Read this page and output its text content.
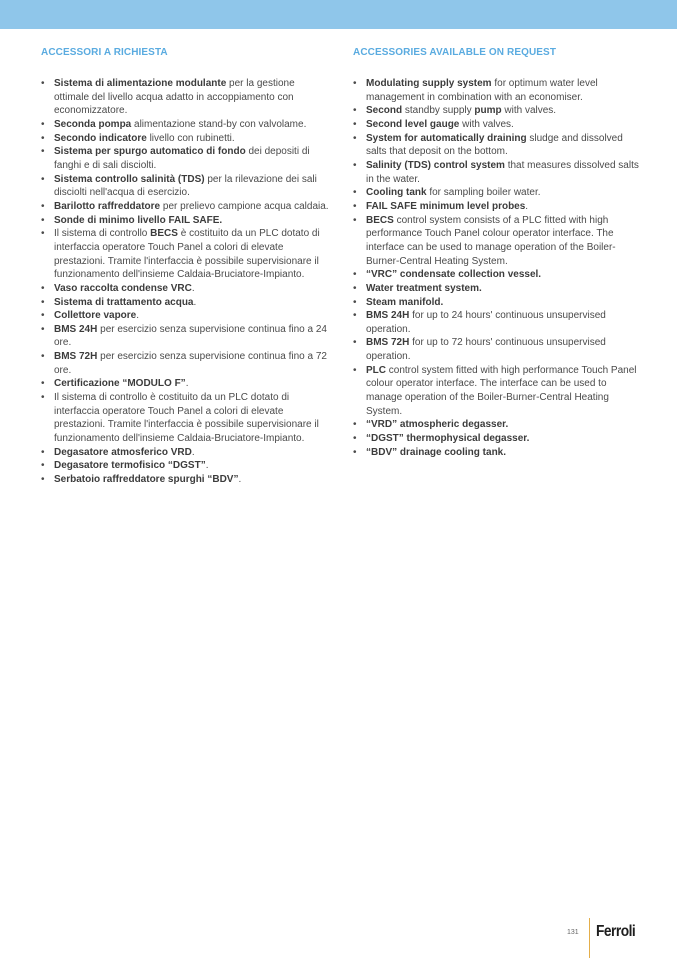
ACCESSORI A RICHIESTA
• Sistema di alimentazione modulante per la gestione ottimale del livello acqua adatto in accoppiamento con economizzatore.
• Seconda pompa alimentazione stand-by con valvolame.
• Secondo indicatore livello con rubinetti.
• Sistema per spurgo automatico di fondo dei depositi di fanghi e di sali disciolti.
• Sistema controllo salinità (TDS) per la rilevazione dei sali disciolti nell'acqua di esercizio.
• Barilotto raffreddatore per prelievo campione acqua caldaia.
• Sonde di minimo livello FAIL SAFE.
• Il sistema di controllo BECS è costituito da un PLC dotato di interfaccia operatore Touch Panel a colori di elevate prestazioni. Tramite l'interfaccia è possibile supervisionare il funzionamento dell'insieme Caldaia-Bruciatore-Impianto.
• Vaso raccolta condense VRC.
• Sistema di trattamento acqua.
• Collettore vapore.
• BMS 24H per esercizio senza supervisione continua fino a 24 ore.
• BMS 72H per esercizio senza supervisione continua fino a 72 ore.
• Certificazione “MODULO F”.
• Il sistema di controllo è costituito da un PLC dotato di interfaccia operatore Touch Panel a colori di elevate prestazioni. Tramite l'interfaccia è possibile supervisionare il funzionamento dell'insieme Caldaia-Bruciatore-Impianto.
• Degasatore atmosferico VRD.
• Degasatore termofisico “DGST”.
• Serbatoio raffreddatore spurghi “BDV”.
ACCESSORIES AVAILABLE ON REQUEST
• Modulating supply system for optimum water level management in combination with an economiser.
• Second standby supply pump with valves.
• Second level gauge with valves.
• System for automatically draining sludge and dissolved salts that deposit on the bottom.
• Salinity (TDS) control system that measures dissolved salts
in the water.
• Cooling tank for sampling boiler water.
• FAIL SAFE minimum level probes.
• BECS control system consists of a PLC fitted with high performance Touch Panel colour operator interface. The interface can be used to manage operation of the Boiler-Burner-Central Heating System.
• “VRC” condensate collection vessel.
• Water treatment system.
• Steam manifold.
• BMS 24H for up to 24 hours' continuous unsupervised operation.
• BMS 72H for up to 72 hours' continuous unsupervised operation.
• PLC control system fitted with high performance Touch Panel colour operator interface. The interface can be used to manage operation of the Boiler-Burner-Central Heating System.
• “VRD” atmospheric degasser.
• “DGST” thermophysical degasser.
• “BDV” drainage cooling tank.
131 Ferroli
